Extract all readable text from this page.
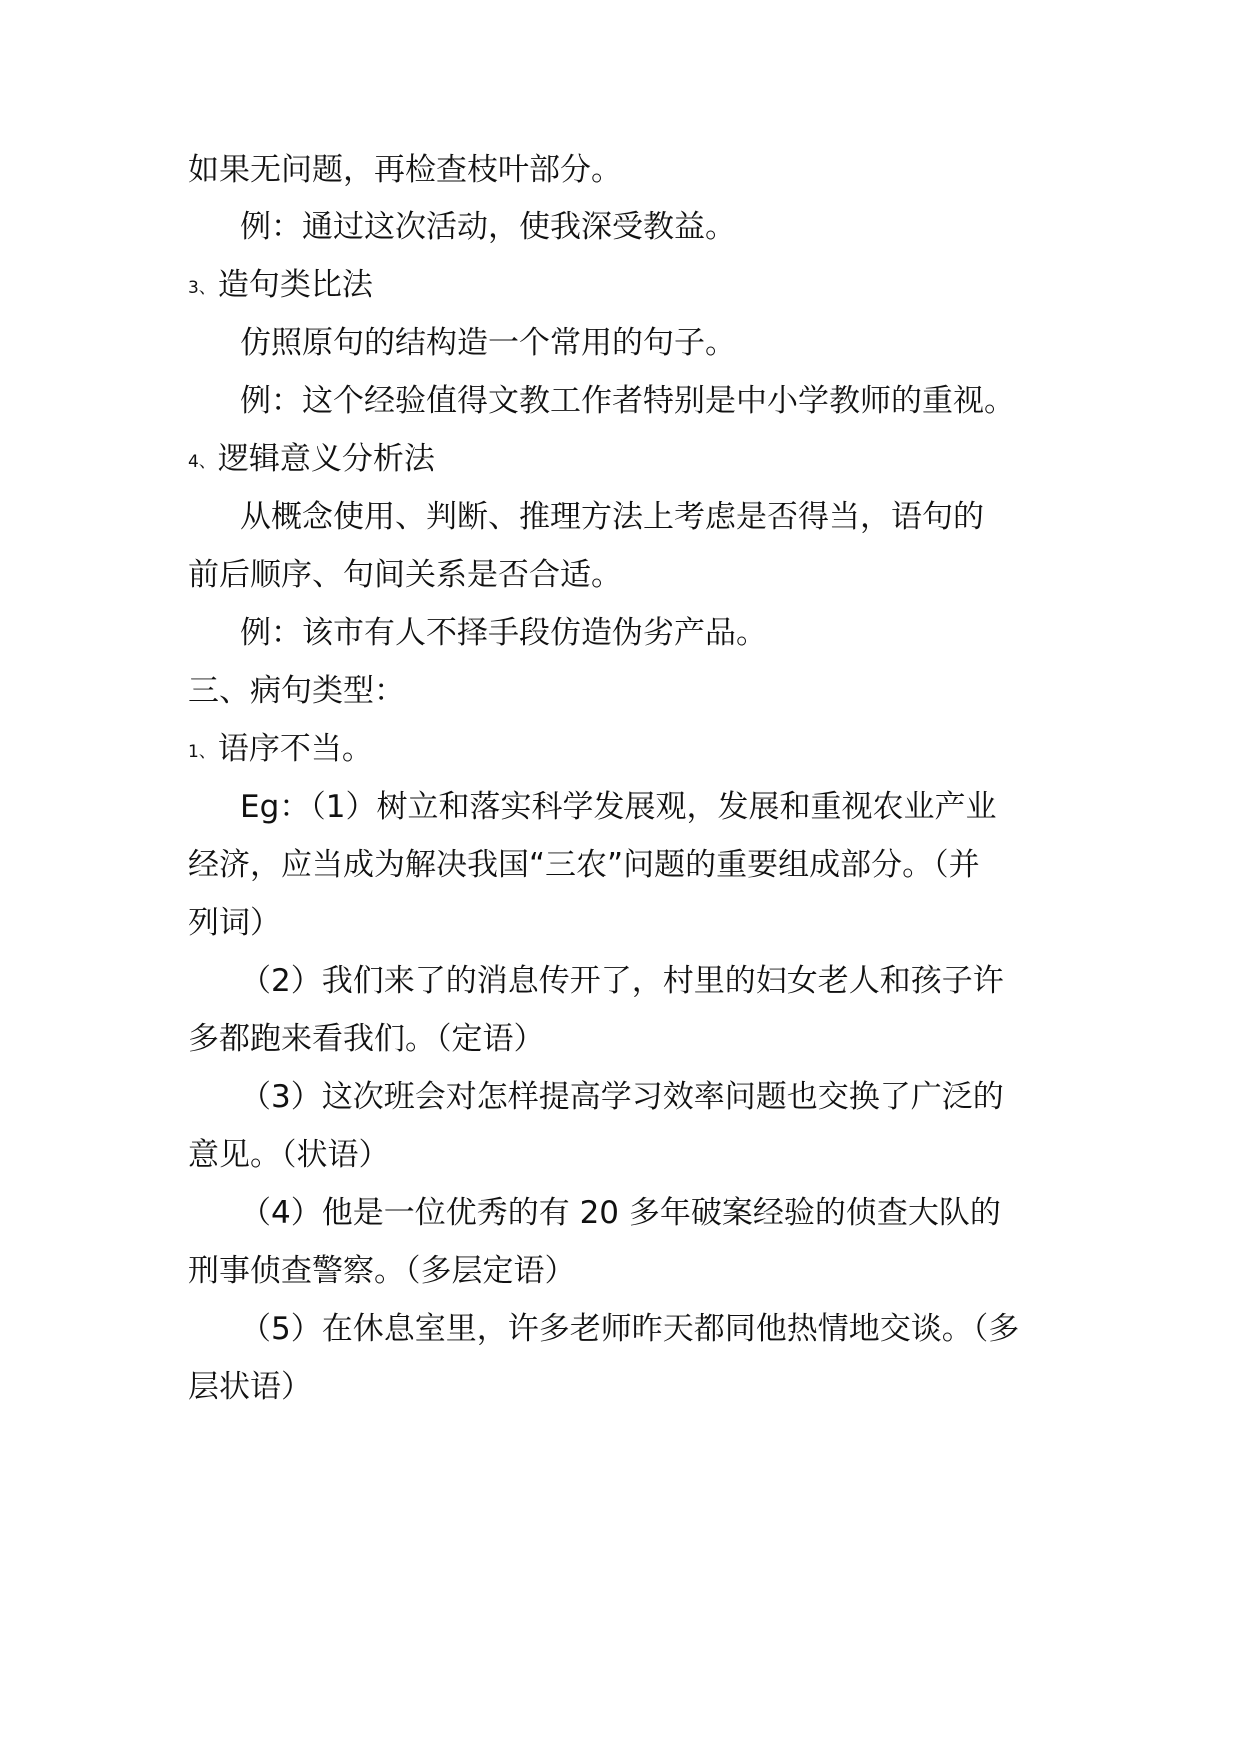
如果无问题，再检查枝叶部分。

例：通过这次活动，使我深受教益。

3、造句类比法

仿照原句的结构造一个常用的句子。

例：这个经验值得文教工作者特别是中小学教师的重视。

4、逻辑意义分析法

从概念使用、判断、推理方法上考虑是否得当，语句的

前后顺序、句间关系是否合适。

例：该市有人不择手段仿造伪劣产品。

三、病句类型：

1、语序不当。

Eg：（1）树立和落实科学发展观，发展和重视农业产业

经济，应当成为解决我国“三农”问题的重要组成部分。（并

列词）

（2）我们来了的消息传开了，村里的妇女老人和孩子许

多都跑来看我们。（定语）

（3）这次班会对怎样提高学习效率问题也交换了广泛的

意见。（状语）

（4）他是一位优秀的有 20 多年破案经验的侦查大队的

刑事侦查警察。（多层定语）

（5）在休息室里，许多老师昨天都同他热情地交谈。（多

层状语）
